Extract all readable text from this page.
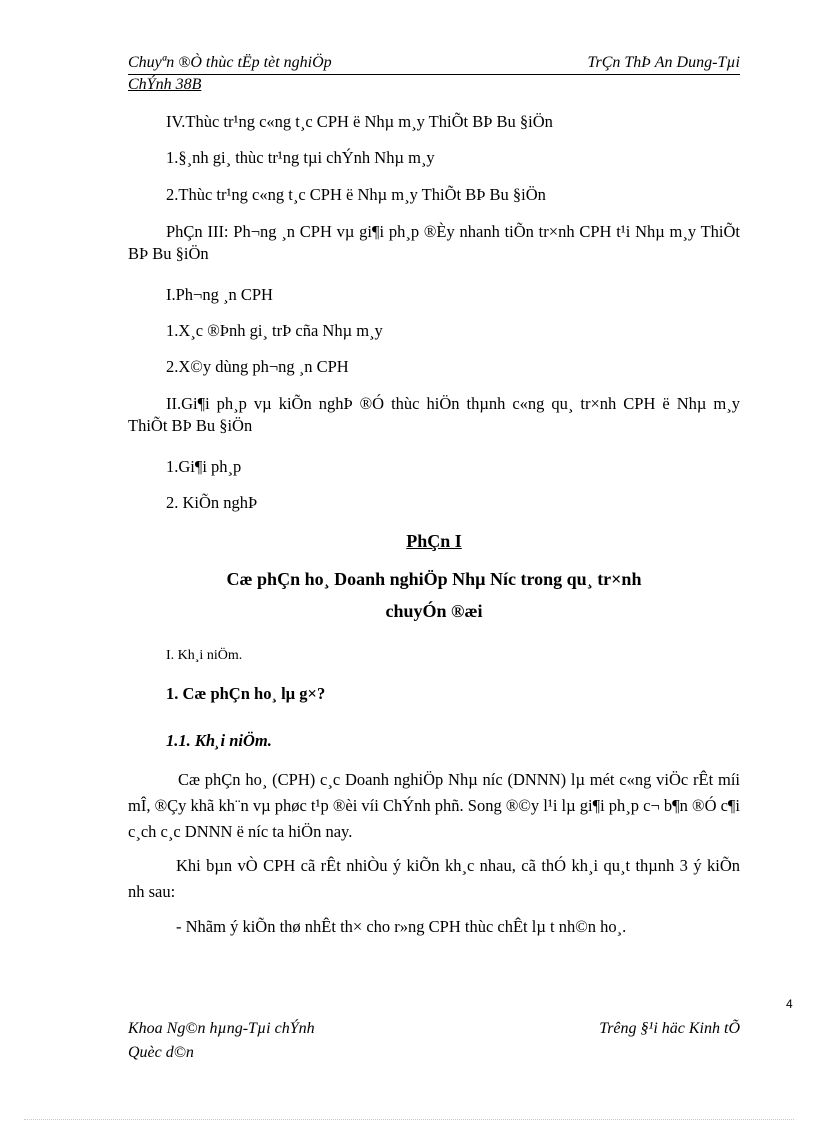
Chuyªn ®Ò thùc tËp tèt nghiÖp	TrÇn ThÞ An Dung-Tµi
ChÝnh 38B
IV.Thùc tr¹ng c«ng t¸c CPH ë Nhµ m¸y ThiÕt BÞ Bu §iÖn
1.§¸nh gi¸ thùc tr¹ng tµi chÝnh Nhµ m¸y
2.Thùc tr¹ng c«ng t¸c CPH ë Nhµ m¸y ThiÕt BÞ Bu §iÖn
PhÇn III: Ph¬ng ¸n CPH vµ gi¶i ph¸p ®Èy nhanh tiÕn tr×nh CPH t¹i Nhµ m¸y ThiÕt BÞ Bu §iÖn
I.Ph¬ng ¸n CPH
1.X¸c ®Þnh gi¸ trÞ cña Nhµ m¸y
2.X©y dùng ph¬ng ¸n CPH
II.Gi¶i ph¸p vµ kiÕn nghÞ ®Ó thùc hiÖn thµnh c«ng qu¸ tr×nh CPH ë Nhµ m¸y ThiÕt BÞ Bu §iÖn
1.Gi¶i ph¸p
2. KiÕn nghÞ
PhÇn I
Cæ phÇn ho¸ Doanh nghiÖp Nhµ Níc trong qu¸ tr×nh
chuyÓn ®æi
I. Kh¸i niÖm.
1. Cæ phÇn ho¸ lµ g×?
1.1. Kh¸i niÖm.
Cæ phÇn ho¸ (CPH) c¸c Doanh nghiÖp Nhµ níc (DNNN) lµ mét c«ng viÖc rÊt míi mÎ, ®Çy khã kh¨n vµ phøc t¹p ®èi víi ChÝnh phñ. Song ®©y l¹i lµ gi¶i ph¸p c¬ b¶n ®Ó c¶i c¸ch c¸c DNNN ë níc ta hiÖn nay.
Khi bµn vÒ CPH cã rÊt nhiÒu ý kiÕn kh¸c nhau, cã thÓ kh¸i qu¸t thµnh 3 ý kiÕn nh sau:
- Nhãm ý kiÕn thø nhÊt th× cho r»ng CPH thùc chÊt lµ t nh©n ho¸.
4
Khoa Ng©n hµng-Tµi chÝnh	Trêng §¹i häc Kinh tÕ
Quèc d©n
